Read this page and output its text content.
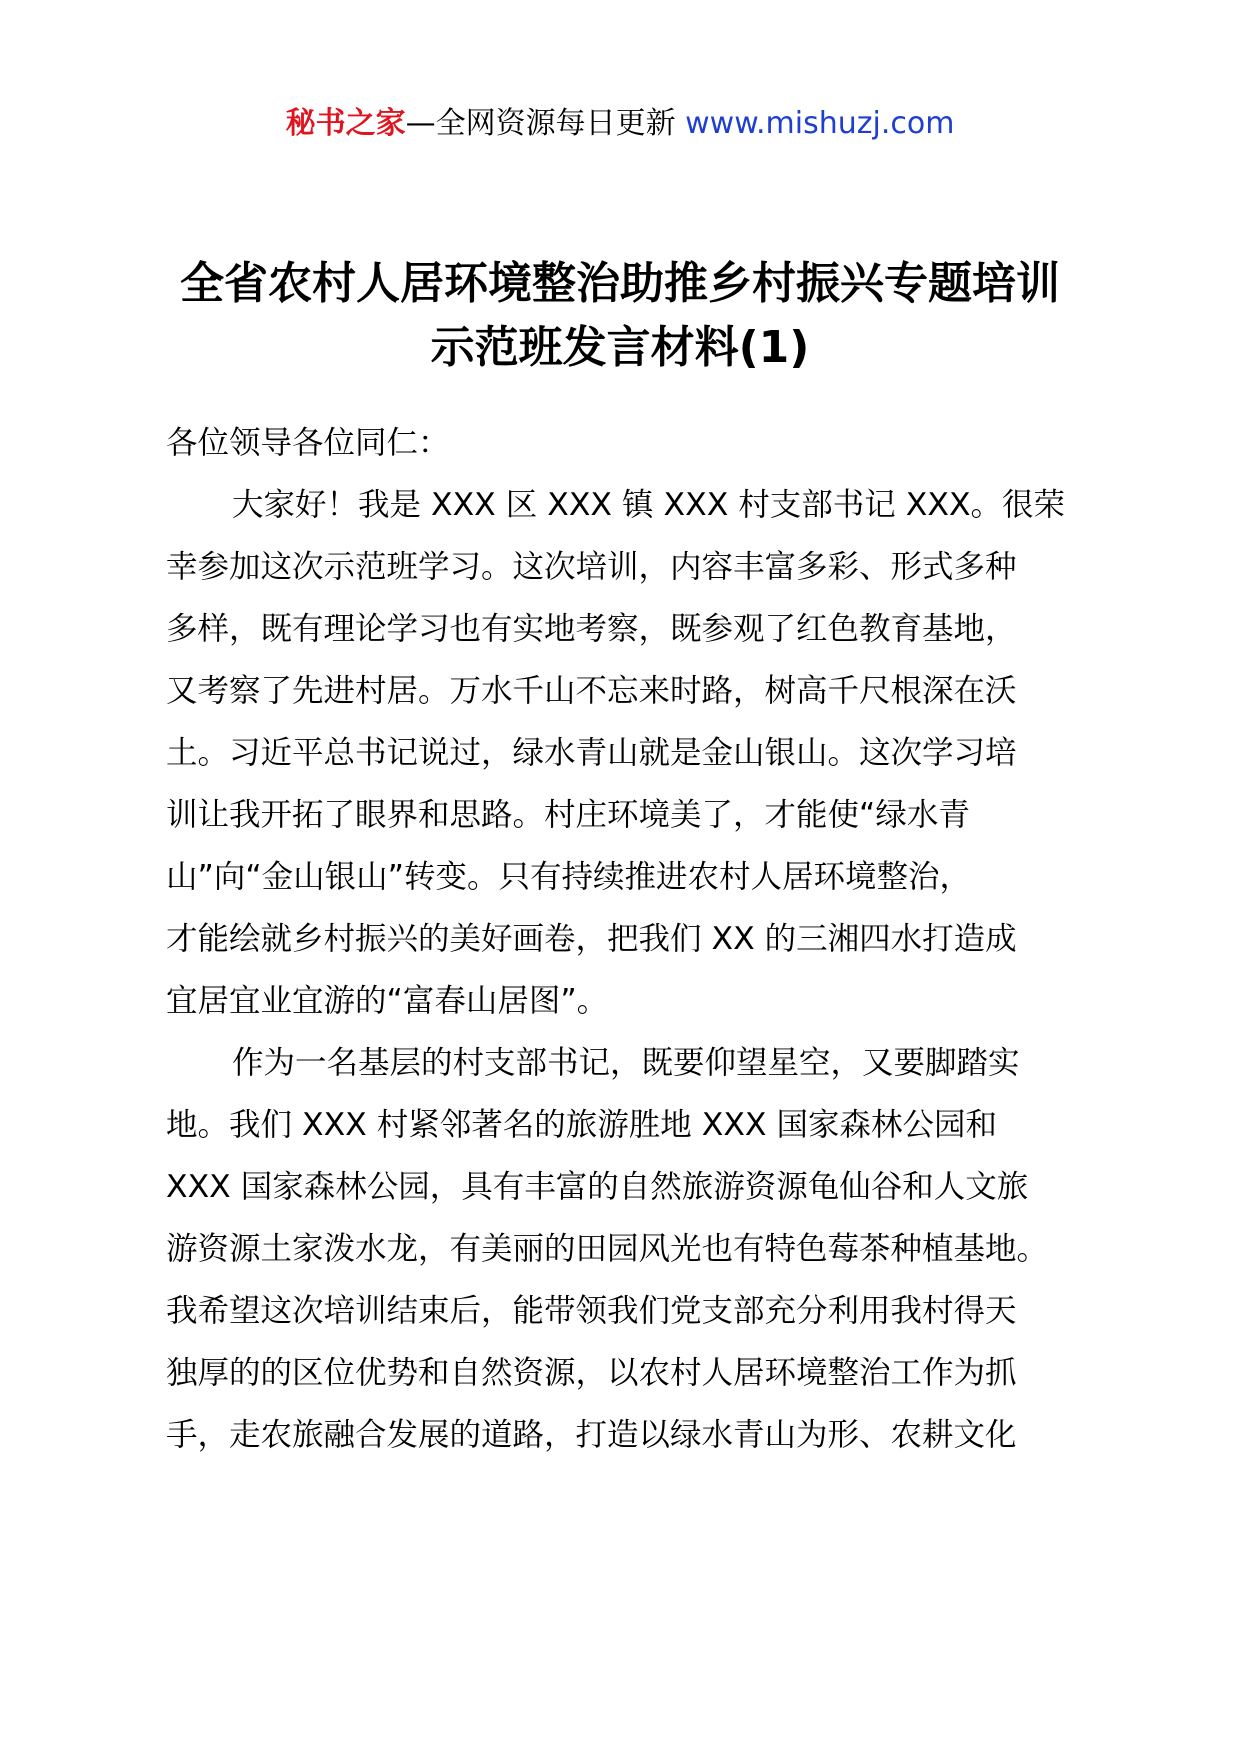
秘书之家—全网资源每日更新 www.mishuzj.com
全省农村人居环境整治助推乡村振兴专题培训
示范班发言材料(1)
各位领导各位同仁：
大家好！我是 XXX 区 XXX 镇 XXX 村支部书记 XXX。很荣
幸参加这次示范班学习。这次培训，内容丰富多彩、形式多种
多样，既有理论学习也有实地考察，既参观了红色教育基地，
又考察了先进村居。万水千山不忘来时路，树高千尺根深在沃
土。习近平总书记说过，绿水青山就是金山银山。这次学习培
训让我开拓了眼界和思路。村庄环境美了，才能使“绿水青
山”向“金山银山”转变。只有持续推进农村人居环境整治，
才能绘就乡村振兴的美好画卷，把我们 XX 的三湘四水打造成
宜居宜业宜游的“富春山居图”。
作为一名基层的村支部书记，既要仰望星空，又要脚踏实
地。我们 XXX 村紧邻著名的旅游胜地 XXX 国家森林公园和
XXX 国家森林公园，具有丰富的自然旅游资源龟仙谷和人文旅
游资源土家泼水龙，有美丽的田园风光也有特色莓茶种植基地。
我希望这次培训结束后，能带领我们党支部充分利用我村得天
独厚的的区位优势和自然资源，以农村人居环境整治工作为抓
手，走农旅融合发展的道路，打造以绿水青山为形、农耕文化
